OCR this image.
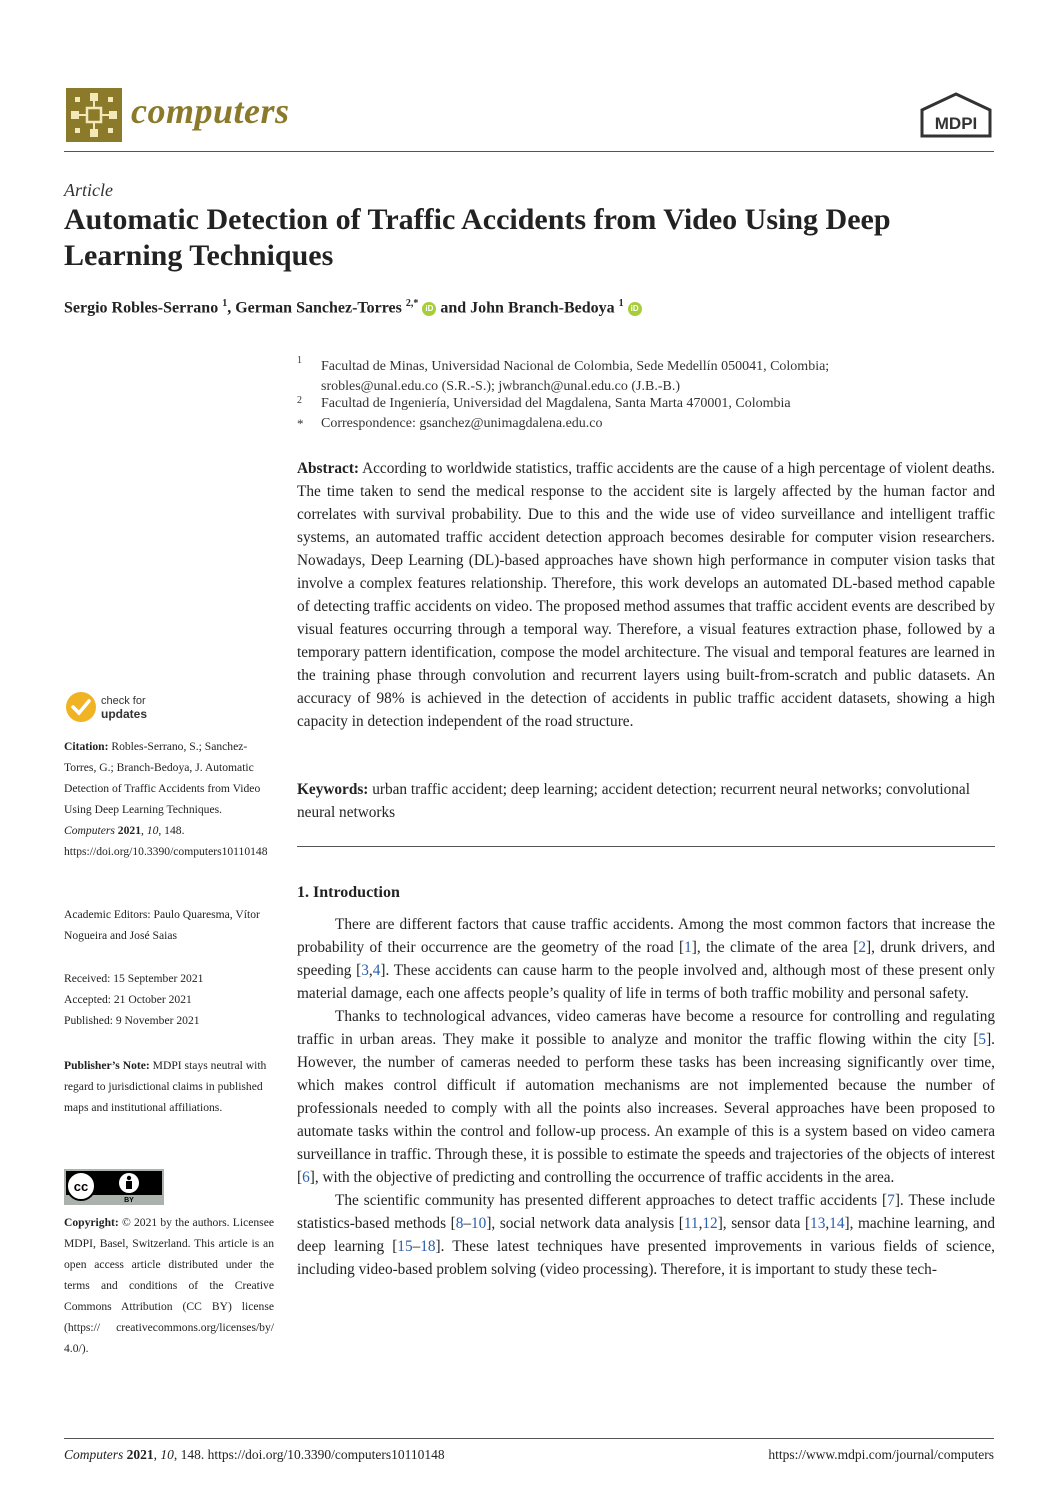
computers	MDPI
Article
Automatic Detection of Traffic Accidents from Video Using Deep Learning Techniques
Sergio Robles-Serrano $^1$, German Sanchez-Torres $^{2,*}$ iD and John Branch-Bedoya $^1$ iD
1	Facultad de Minas, Universidad Nacional de Colombia, Sede Medellín 050041, Colombia;
srobles@unal.edu.co (S.R.-S.); jwbranch@unal.edu.co (J.B.-B.)
2	Facultad de Ingeniería, Universidad del Magdalena, Santa Marta 470001, Colombia
*	Correspondence: gsanchez@unimagdalena.edu.co
Abstract: According to worldwide statistics, traffic accidents are the cause of a high percentage of violent deaths. The time taken to send the medical response to the accident site is largely affected by the human factor and correlates with survival probability. Due to this and the wide use of video surveillance and intelligent traffic systems, an automated traffic accident detection approach becomes desirable for computer vision researchers. Nowadays, Deep Learning (DL)-based approaches have shown high performance in computer vision tasks that involve a complex features relationship. Therefore, this work develops an automated DL-based method capable of detecting traffic accidents on video. The proposed method assumes that traffic accident events are described by visual features occurring through a temporal way. Therefore, a visual features extraction phase, followed by a temporary pattern identification, compose the model architecture. The visual and temporal features are learned in the training phase through convolution and recurrent layers using built-from-scratch and public datasets. An accuracy of 98% is achieved in the detection of accidents in public traffic accident datasets, showing a high capacity in detection independent of the road structure.
Keywords: urban traffic accident; deep learning; accident detection; recurrent neural networks; convolutional neural networks
1. Introduction

There are different factors that cause traffic accidents. Among the most common factors that increase the probability of their occurrence are the geometry of the road [1], the climate of the area [2], drunk drivers, and speeding [3,4]. These accidents can cause harm to the people involved and, although most of these present only material damage, each one affects people’s quality of life in terms of both traffic mobility and personal safety.

Thanks to technological advances, video cameras have become a resource for controlling and regulating traffic in urban areas. They make it possible to analyze and monitor the traffic flowing within the city [5]. However, the number of cameras needed to perform these tasks has been increasing significantly over time, which makes control difficult if automation mechanisms are not implemented because the number of professionals needed to comply with all the points also increases. Several approaches have been proposed to automate tasks within the control and follow-up process. An example of this is a system based on video camera surveillance in traffic. Through these, it is possible to estimate the speeds and trajectories of the objects of interest [6], with the objective of predicting and controlling the occurrence of traffic accidents in the area.

The scientific community has presented different approaches to detect traffic accidents [7]. These include statistics-based methods [8–10], social network data analysis [11,12], sensor data [13,14], machine learning, and deep learning [15–18]. These latest techniques have presented improvements in various fields of science, including video-based problem solving (video processing). Therefore, it is important to study these tech-

check for
updates
Citation: Robles-Serrano, S.; Sanchez-Torres, G.; Branch-Bedoya, J. Automatic Detection of Traffic Accidents from Video Using Deep Learning Techniques. Computers 2021, 10, 148. https://doi.org/10.3390/computers10110148
Academic Editors: Paulo Quaresma, Vítor Nogueira and José Saias
Received: 15 September 2021
Accepted: 21 October 2021
Published: 9 November 2021
Publisher’s Note: MDPI stays neutral with regard to jurisdictional claims in published maps and institutional affiliations.
cc
BY
Copyright: © 2021 by the authors. Licensee MDPI, Basel, Switzerland. This article is an open access article distributed under the terms and conditions of the Creative Commons Attribution (CC BY) license (https:// creativecommons.org/licenses/by/ 4.0/).
Computers 2021, 10, 148. https://doi.org/10.3390/computers10110148	https://www.mdpi.com/journal/computers
